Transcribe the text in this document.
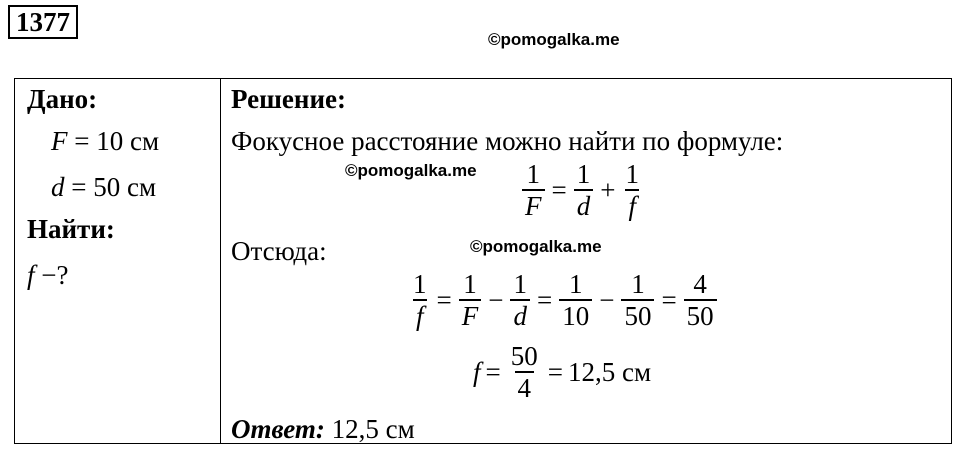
1377
©pomogalka.me
Дано:
F = 10 см
d = 50 см
Найти:
f −?
Решение:
Фокусное расстояние можно найти по формуле:
$\frac{1}{F} = \frac{1}{d} + \frac{1}{f}$
Отсюда:
$\frac{1}{f} = \frac{1}{F} - \frac{1}{d} = \frac{1}{10} - \frac{1}{50} = \frac{4}{50}$
$f = \frac{50}{4} = 12,5$ см
Ответ: 12,5 см
©pomogalka.me
©pomogalka.me
